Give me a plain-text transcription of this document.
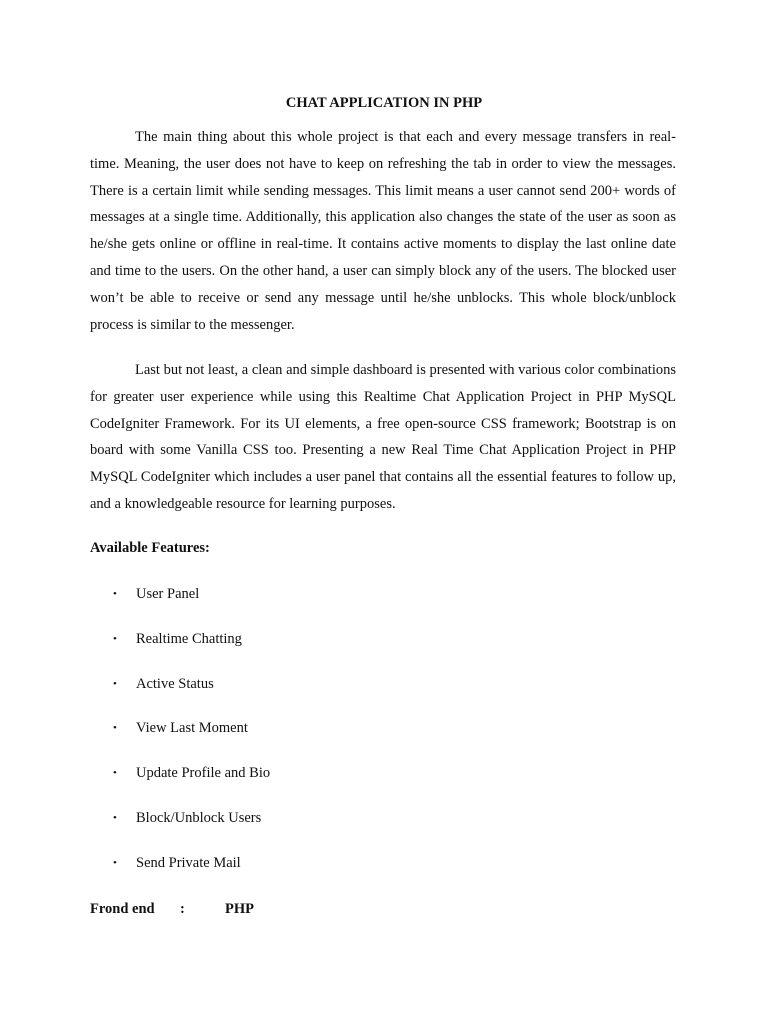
CHAT APPLICATION IN PHP

The main thing about this whole project is that each and every message transfers in real-time. Meaning, the user does not have to keep on refreshing the tab in order to view the messages. There is a certain limit while sending messages. This limit means a user cannot send 200+ words of messages at a single time. Additionally, this application also changes the state of the user as soon as he/she gets online or offline in real-time. It contains active moments to display the last online date and time to the users. On the other hand, a user can simply block any of the users. The blocked user won’t be able to receive or send any message until he/she unblocks. This whole block/unblock process is similar to the messenger.

Last but not least, a clean and simple dashboard is presented with various color combinations for greater user experience while using this Realtime Chat Application Project in PHP MySQL CodeIgniter Framework. For its UI elements, a free open-source CSS framework; Bootstrap is on board with some Vanilla CSS too. Presenting a new Real Time Chat Application Project in PHP MySQL CodeIgniter which includes a user panel that contains all the essential features to follow up, and a knowledgeable resource for learning purposes.

Available Features:

• User Panel
• Realtime Chatting
• Active Status
• View Last Moment
• Update Profile and Bio
• Block/Unblock Users
• Send Private Mail
Frond end :	PHP
